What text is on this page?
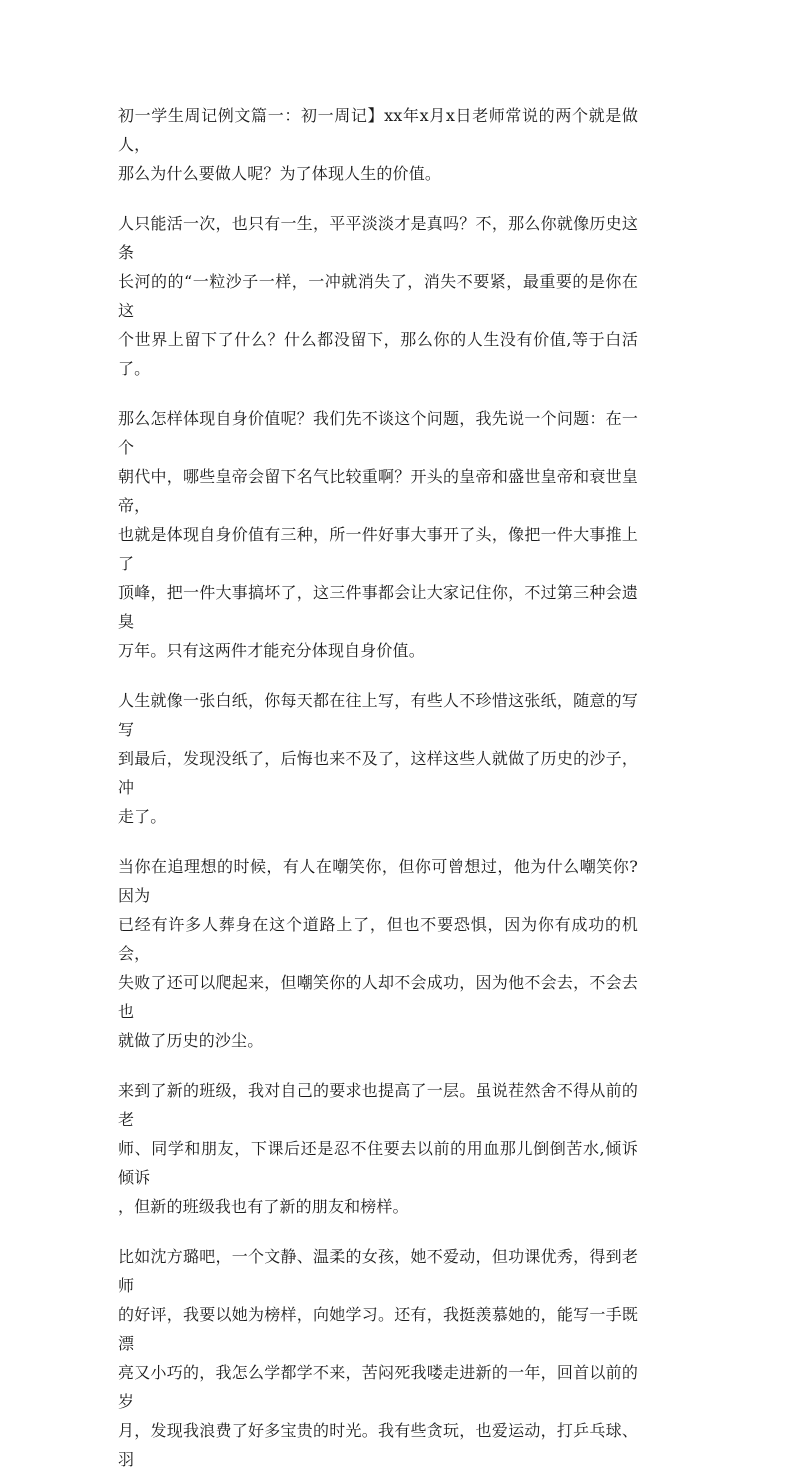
初一学生周记例文篇一：初一周记】xx年x月x日老师常说的两个就是做人，
那么为什么要做人呢？为了体现人生的价值。

人只能活一次，也只有一生，平平淡淡才是真吗？不，那么你就像历史这条
长河的的“一粒沙子一样，一冲就消失了，消失不要紧，最重要的是你在这
个世界上留下了什么？什么都没留下，那么你的人生没有价值,等于白活了。

那么怎样体现自身价值呢？我们先不谈这个问题，我先说一个问题：在一个
朝代中，哪些皇帝会留下名气比较重啊？开头的皇帝和盛世皇帝和衰世皇帝，
也就是体现自身价值有三种，所一件好事大事开了头，像把一件大事推上了
顶峰，把一件大事搞坏了，这三件事都会让大家记住你，不过第三种会遗臭
万年。只有这两件才能充分体现自身价值。

人生就像一张白纸，你每天都在往上写，有些人不珍惜这张纸，随意的写写
到最后，发现没纸了，后悔也来不及了，这样这些人就做了历史的沙子，冲
走了。

当你在追理想的时候，有人在嘲笑你，但你可曾想过，他为什么嘲笑你?因为
已经有许多人葬身在这个道路上了，但也不要恐惧，因为你有成功的机会，
失败了还可以爬起来，但嘲笑你的人却不会成功，因为他不会去，不会去也
就做了历史的沙尘。

来到了新的班级，我对自己的要求也提高了一层。虽说茬然舍不得从前的老
师、同学和朋友，下课后还是忍不住要去以前的用血那儿倒倒苦水,倾诉倾诉
，但新的班级我也有了新的朋友和榜样。

比如沈方璐吧，一个文静、温柔的女孩，她不爱动，但功课优秀，得到老师
的好评，我要以她为榜样，向她学习。还有，我挺羡慕她的，能写一手既漂
亮又小巧的，我怎么学都学不来，苦闷死我喽走进新的一年，回首以前的岁
月，发现我浪费了好多宝贵的时光。我有些贪玩，也爱运动，打乒乓球、羽
